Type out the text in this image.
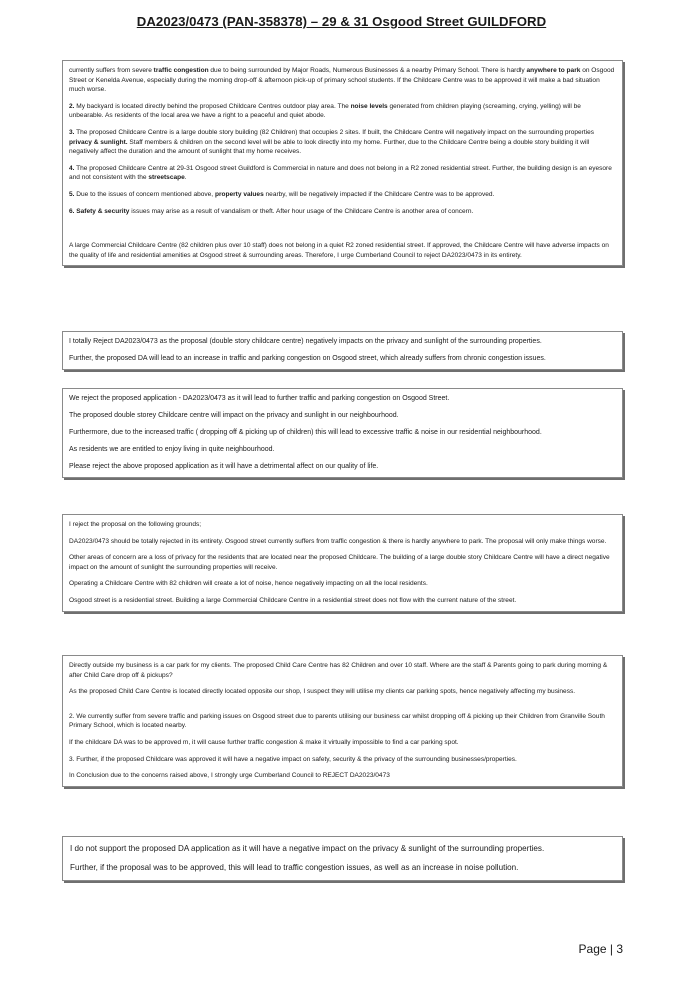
DA2023/0473 (PAN-358378) – 29 & 31 Osgood Street GUILDFORD

currently suffers from severe traffic congestion due to being surrounded by Major Roads, Numerous Businesses & a nearby Primary School. There is hardly anywhere to park on Osgood Street or Kenelda Avenue, especially during the morning drop-off & afternoon pick-up of primary school students. If the Childcare Centre was to be approved it will make a bad situation much worse.

2. My backyard is located directly behind the proposed Childcare Centres outdoor play area. The noise levels generated from children playing (screaming, crying, yelling) will be unbearable. As residents of the local area we have a right to a peaceful and quiet abode.

3. The proposed Childcare Centre is a large double story building (82 Children) that occupies 2 sites. If built, the Childcare Centre will negatively impact on the surrounding properties privacy & sunlight. Staff members & children on the second level will be able to look directly into my home. Further, due to the Childcare Centre being a double story building it will negatively affect the duration and the amount of sunlight that my home receives.

4. The proposed Childcare Centre at 29-31 Osgood street Guildford is Commercial in nature and does not belong in a R2 zoned residential street. Further, the building design is an eyesore and not consistent with the streetscape.

5. Due to the issues of concern mentioned above, property values nearby, will be negatively impacted if the Childcare Centre was to be approved.

6. Safety & security issues may arise as a result of vandalism or theft. After hour usage of the Childcare Centre is another area of concern.

A large Commercial Childcare Centre (82 children plus over 10 staff) does not belong in a quiet R2 zoned residential street. If approved, the Childcare Centre will have adverse impacts on the quality of life and residential amenities at Osgood street & surrounding areas. Therefore, I urge Cumberland Council to reject DA2023/0473 in its entirety.

I totally Reject DA2023/0473 as the proposal (double story childcare centre) negatively impacts on the privacy and sunlight of the surrounding properties.

Further, the proposed DA will lead to an increase in traffic and parking congestion on Osgood street, which already suffers from chronic congestion issues.

We reject the proposed application - DA2023/0473 as it will lead to further traffic and parking congestion on Osgood Street.

The proposed double storey Childcare centre will impact on the privacy and sunlight in our neighbourhood.

Furthermore, due to the increased traffic ( dropping off & picking up of children) this will lead to excessive traffic & noise in our residential neighbourhood.

As residents we are entitled to enjoy living in quite neighbourhood.

Please reject the above proposed application as it will have a detrimental affect on our quality of life.

I reject the proposal on the following grounds;

DA2023/0473 should be totally rejected in its entirety. Osgood street currently suffers from traffic congestion & there is hardly anywhere to park. The proposal will only make things worse.

Other areas of concern are a loss of privacy for the residents that are located near the proposed Childcare. The building of a large double story Childcare Centre will have a direct negative impact on the amount of sunlight the surrounding properties will receive.

Operating a Childcare Centre with 82 children will create a lot of noise, hence negatively impacting on all the local residents.

Osgood street is a residential street. Building a large Commercial Childcare Centre in a residential street does not flow with the current nature of the street.

Directly outside my business is a car park for my clients. The proposed Child Care Centre has 82 Children and over 10 staff. Where are the staff & Parents going to park during morning & after Child Care drop off & pickups?

As the proposed Child Care Centre is located directly located opposite our shop, I suspect they will utilise my clients car parking spots, hence negatively affecting my business.

2. We currently suffer from severe traffic and parking issues on Osgood street due to parents utilising our business car whilst dropping off & picking up their Children from Granville South Primary School, which is located nearby.

If the childcare DA was to be approved m, it will cause further traffic congestion & make it virtually impossible to find a car parking spot.

3. Further, if the proposed Childcare was approved it will have a negative impact on safety, security & the privacy of the surrounding businesses/properties.

In Conclusion due to the concerns raised above, I strongly urge Cumberland Council to REJECT DA2023/0473

I do not support the proposed DA application as it will have a negative impact on the privacy & sunlight of the surrounding properties.

Further, if the proposal was to be approved, this will lead to traffic congestion issues, as well as an increase in noise pollution.

Page | 3
